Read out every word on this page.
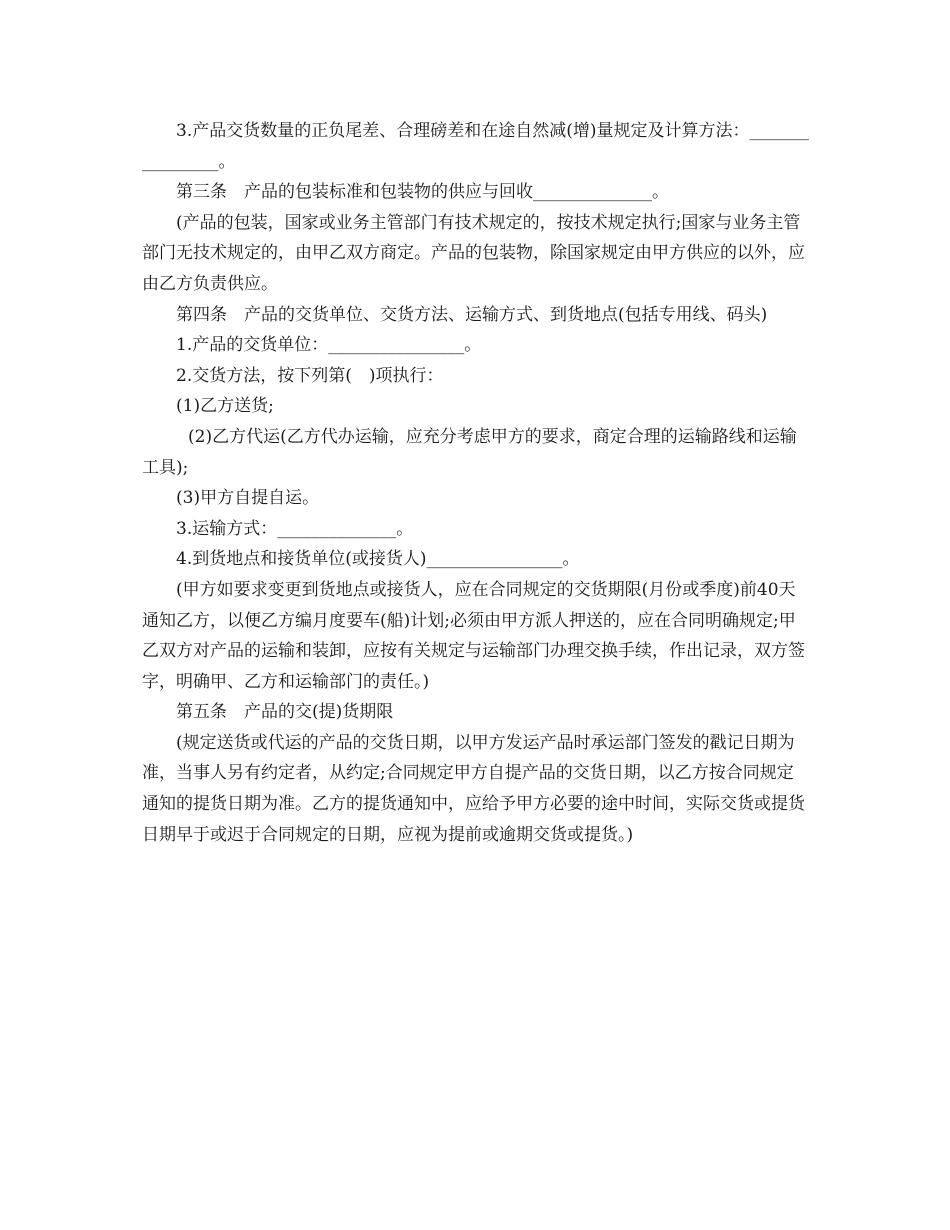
3.产品交货数量的正负尾差、合理磅差和在途自然减(增)量规定及计算方法：________________。

第三条　产品的包装标准和包装物的供应与回收______________。

(产品的包装，国家或业务主管部门有技术规定的，按技术规定执行;国家与业务主管部门无技术规定的，由甲乙双方商定。产品的包装物，除国家规定由甲方供应的以外，应由乙方负责供应。

第四条　产品的交货单位、交货方法、运输方式、到货地点(包括专用线、码头)

1.产品的交货单位：________________。

2.交货方法，按下列第(　)项执行：

(1)乙方送货;

(2)乙方代运(乙方代办运输，应充分考虑甲方的要求，商定合理的运输路线和运输工具);

(3)甲方自提自运。

3.运输方式：______________。

4.到货地点和接货单位(或接货人)________________。

(甲方如要求变更到货地点或接货人，应在合同规定的交货期限(月份或季度)前40天通知乙方，以便乙方编月度要车(船)计划;必须由甲方派人押送的，应在合同明确规定;甲乙双方对产品的运输和装卸，应按有关规定与运输部门办理交换手续，作出记录，双方签字，明确甲、乙方和运输部门的责任。)

第五条　产品的交(提)货期限

(规定送货或代运的产品的交货日期，以甲方发运产品时承运部门签发的戳记日期为准，当事人另有约定者，从约定;合同规定甲方自提产品的交货日期，以乙方按合同规定通知的提货日期为准。乙方的提货通知中，应给予甲方必要的途中时间，实际交货或提货日期早于或迟于合同规定的日期，应视为提前或逾期交货或提货。)
